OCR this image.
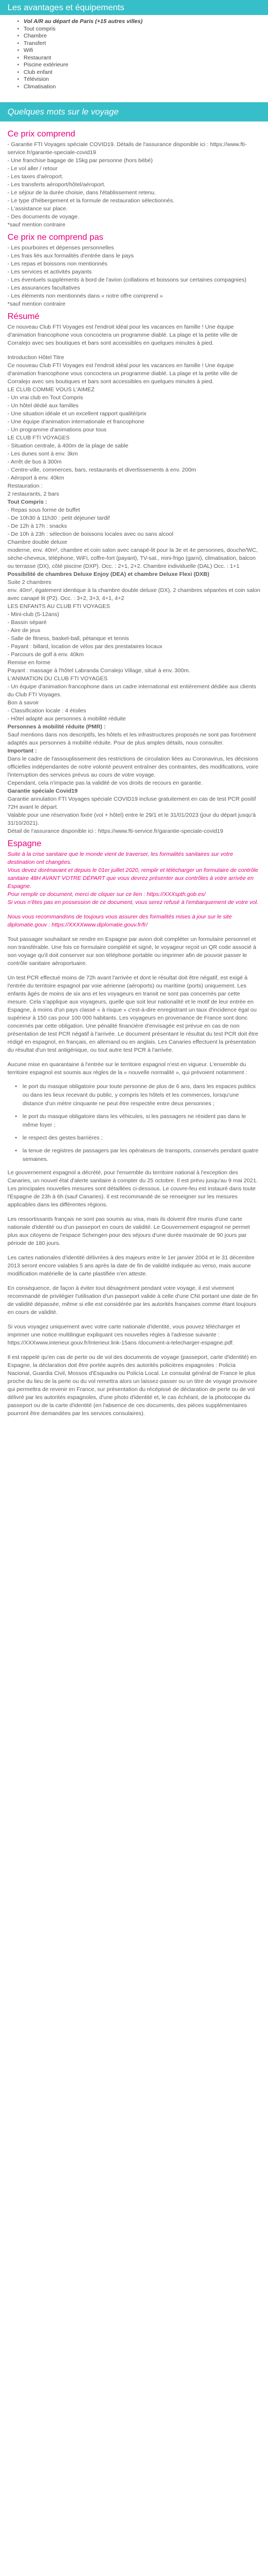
Les avantages et équipements
• Vol A/R au départ de Paris (+15 autres villes)
• Tout compris
• Chambre
• Transfert
• Wifi
• Restaurant
• Piscine extérieure
• Club enfant
• Télévision
• Climatisation
Quelques mots sur le voyage
Ce prix comprend

- Garantie FTI Voyages spéciale COVID19. Détails de l'assurance disponible ici : https://www.fti-service.fr/garantie-speciale-covid19

- Une franchise bagage de 15kg par personne (hors bébé)

- Le vol aller / retour

- Les taxes d'aéroport.

- Les transferts aéroport/hôtel/aéroport.

- Le séjour de la durée choisie, dans l'établissement retenu.

- Le type d'hébergement et la formule de restauration sélectionnés.

- L'assistance sur place.

- Des documents de voyage.

*sauf mention contraire

Ce prix ne comprend pas

- Les pourboires et dépenses personnelles

- Les frais liés aux formalités d'entrée dans le pays

- Les repas et boissons non mentionnés

- Les services et activités payants

- Les éventuels suppléments à bord de l'avion (collations et boissons sur certaines compagnies)

- Les assurances facultatives

- Les éléments non mentionnés dans « notre offre comprend »

*sauf mention contraire

Résumé

Ce nouveau Club FTI Voyages est l'endroit idéal pour les vacances en famille ! Une équipe d'animation francophone vous concoctera un programme diablé. La plage et la petite ville de Corralejo avec ses boutiques et bars sont accessibles en quelques minutes à pied.

Introduction Hôtel Titre

Ce nouveau Club FTI Voyages est l'endroit idéal pour les vacances en famille ! Une équipe d'animation francophone vous concoctera un programme diablé. La plage et la petite ville de Corralejo avec ses boutiques et bars sont accessibles en quelques minutes à pied.

LE CLUB COMME VOUS L'AIMEZ

- Un vrai club en Tout Compris

- Un hôtel dédié aux familles

- Une situation idéale et un excellent rapport qualité/prix

- Une équipe d'animation internationale et francophone

- Un programme d'animations pour tous

LE CLUB FTI VOYAGES

- Situation centrale, à 400m de la plage de sable

- Les dunes sont à env. 3km

- Arrêt de bus à 300m

- Centre-ville, commerces, bars, restaurants et divertissements à env. 200m

- Aéroport à env. 40km

Restauration :

2 restaurants, 2 bars

Tout Compris :

- Repas sous forme de buffet

- De 10h30 à 11h30 : petit déjeuner tardif

- De 12h à 17h : snacks

- De 10h à 23h : sélection de boissons locales avec ou sans alcool

Chambre double deluxe

moderne, env. 40m², chambre et coin salon avec canapé-lit pour la 3e et 4e personnes, douche/WC, sèche-cheveux, téléphone, WiFi, coffre-fort (payant), TV-sat., mini-frigo (garni), climatisation, balcon ou terrasse (DX), côté piscine (DXP). Occ. : 2+1, 2+2. Chambre individuelle (DAL) Occ. : 1+1

Possibilité de chambres Deluxe Enjoy (DEA) et chambre Deluxe Flexi (DXB)

Suite 2 chambres

env. 40m², également identique à la chambre double deluxe (DX), 2 chambres séparées et coin salon avec canapé lit (P2). Occ. : 3+2, 3+3, 4+1, 4+2

LES ENFANTS AU CLUB FTI VOYAGES

- Mini-club (5-12ans)

- Bassin séparé

- Aire de jeux

- Salle de fitness, basket-ball, pétanque et tennis

- Payant : billard, location de vélos par des prestataires locaux

- Parcours de golf à env. 40km

Remise en forme

Payant : massage à l'hôtel Labranda Corralejo Village, situé à env. 300m.

L'ANIMATION DU CLUB FTI VOYAGES

- Un équipe d'animation francophone dans un cadre international est entièrement dédiée aux clients du Club FTI Voyages.

Bon à savoir

- Classification locale : 4 étoiles

- Hôtel adapté aux personnes à mobilité réduite

Personnes à mobilité réduite (PMR) :

Sauf mentions dans nos descriptifs, les hôtels et les infrastructures proposés ne sont pas forcément adaptés aux personnes à mobilité réduite. Pour de plus amples détails, nous consulter.

Important :

Dans le cadre de l'assouplissement des restrictions de circulation liées au Coronavirus, les décisions officielles indépendantes de notre volonté peuvent entraîner des contraintes, des modifications, voire l'interruption des services prévus au cours de votre voyage.

Cependant, cela n'impacte pas la validité de vos droits de recours en garantie.

Garantie spéciale Covid19

Garantie annulation FTI Voyages spéciale COVID19 incluse gratuitement en cas de test PCR positif 72H avant le départ.

Valable pour une réservation fixée (vol + hôtel) entre le 29/1 et le 31/01/2023 (jour du départ jusqu'à 31/10/2021).

Détail de l'assurance disponible ici : https://www.fti-service.fr/garantie-speciale-covid19

Espagne

Suite à la crise sanitaire que le monde vient de traverser, les formalités sanitaires sur votre destination ont changées.

Vous devez dorénavant et depuis le 01er juillet 2020, remplir et télécharger un formulaire de contrôle sanitaire 48H AVANT VOTRE DÉPART que vous devrez présenter aux contrôles à votre arrivée en Espagne.

Pour remplir ce document, merci de cliquer sur ce lien : https://XXXspth.gob.es/

Si vous n'êtes pas en possession de ce document, vous serez refusé à l'embarquement de votre vol.

Nous vous recommandons de toujours vous assurer des formalités mises à jour sur le site diplomatie.gouv : https://XXXXwww.diplomatie.gouv.fr/fr/

Tout passager souhaitant se rendre en Espagne par avion doit compléter un formulaire personnel et non transférable. Une fois ce formulaire complété et signé, le voyageur reçoit un QR code associé à son voyage qu'il doit conserver sur son téléphone portable ou imprimer afin de pouvoir passer le contrôle sanitaire aéroportuaire.

Un test PCR effectué moins de 72h avant l'arrivée et dont le résultat doit être négatif, est exigé à l'entrée du territoire espagnol par voie aérienne (aéroports) ou maritime (ports) uniquement. Les enfants âgés de moins de six ans et les voyageurs en transit ne sont pas concernés par cette mesure. Cela s'applique aux voyageurs, quelle que soit leur nationalité et le motif de leur entrée en Espagne, à moins d'un pays classé « à risque » c'est-à-dire enregistrant un taux d'incidence égal ou supérieur à 150 cas pour 100 000 habitants. Les voyageurs en provenance de France sont donc concernés par cette obligation. Une pénalité financière d'envisagée est prévue en cas de non présentation de test PCR négatif à l'arrivée. Le document présentant le résultat du test PCR doit être rédigé en espagnol, en français, en allemand ou en anglais. Les Canaries effectuent la présentation du résultat d'un test antigénique, ou tout autre test PCR à l'arrivée.

Aucune mise en quarantaine à l'entrée sur le territoire espagnol n'est en vigueur. L'ensemble du territoire espagnol est soumis aux règles de la « nouvelle normalité », qui prévoient notamment :

• le port du masque obligatoire pour toute personne de plus de 6 ans, dans les espaces publics ou dans les lieux recevant du public, y compris les hôtels et les commerces, lorsqu'une distance d'un mètre cinquante ne peut être respectée entre deux personnes ;
• le port du masque obligatoire dans les véhicules, si les passagers ne résident pas dans le même foyer ;
• le respect des gestes barrières ;
• la tenue de registres de passagers par les opérateurs de transports, conservés pendant quatre semaines.

Le gouvernement espagnol a décrété, pour l'ensemble du territoire national à l'exception des Canaries, un nouvel état d'alerte sanitaire à compter du 25 octobre. Il est prévu jusqu'au 9 mai 2021. Les principales nouvelles mesures sont détaillées ci-dessous. Le couvre-feu est instauré dans toute l'Espagne de 23h à 6h (sauf Canaries). Il est recommandé de se renseigner sur les mesures applicables dans les différentes régions.

Les ressortissants français ne sont pas soumis au visa, mais ils doivent être munis d'une carte nationale d'identité ou d'un passeport en cours de validité. Le Gouvernement espagnol ne permet plus aux citoyens de l'espace Schengen pour des séjours d'une durée maximale de 90 jours par période de 180 jours.

Les cartes nationales d'identité délivrées à des majeurs entre le 1er janvier 2004 et le 31 décembre 2013 seront encore valables 5 ans après la date de fin de validité indiquée au verso, mais aucune modification matérielle de la carte plastifiée n'en atteste.

En conséquence, de façon à éviter tout désagrément pendant votre voyage, il est vivement recommandé de privilégier l'utilisation d'un passeport valide à celle d'une CNI portant une date de fin de validité dépassée, même si elle est considérée par les autorités françaises comme étant toujours en cours de validité.

Si vous voyagez uniquement avec votre carte nationale d'identité, vous pouvez télécharger et imprimer une notice multilingue expliquant ces nouvelles règles à l'adresse suivante : https://XXXwww.interieur.gouv.fr/Interieur.link-15ans /document-a-telecharger-espagne.pdf.

Il est rappelé qu'en cas de perte ou de vol des documents de voyage (passeport, carte d'identité) en Espagne, la déclaration doit être portée auprès des autorités policières espagnoles : Policía Nacional, Guardia Civil, Mossos d'Esquadra ou Policía Local. Le consulat général de France le plus proche du lieu de la perte ou du vol remettra alors un laissez-passer ou un titre de voyage provisoire qui permettra de revenir en France, sur présentation du récépissé de déclaration de perte ou de vol délivré par les autorités espagnoles, d'une photo d'identité et, le cas échéant, de la photocopie du passeport ou de la carte d'identité (en l'absence de ces documents, des pièces supplémentaires pourront être demandées par les services consulaires).
